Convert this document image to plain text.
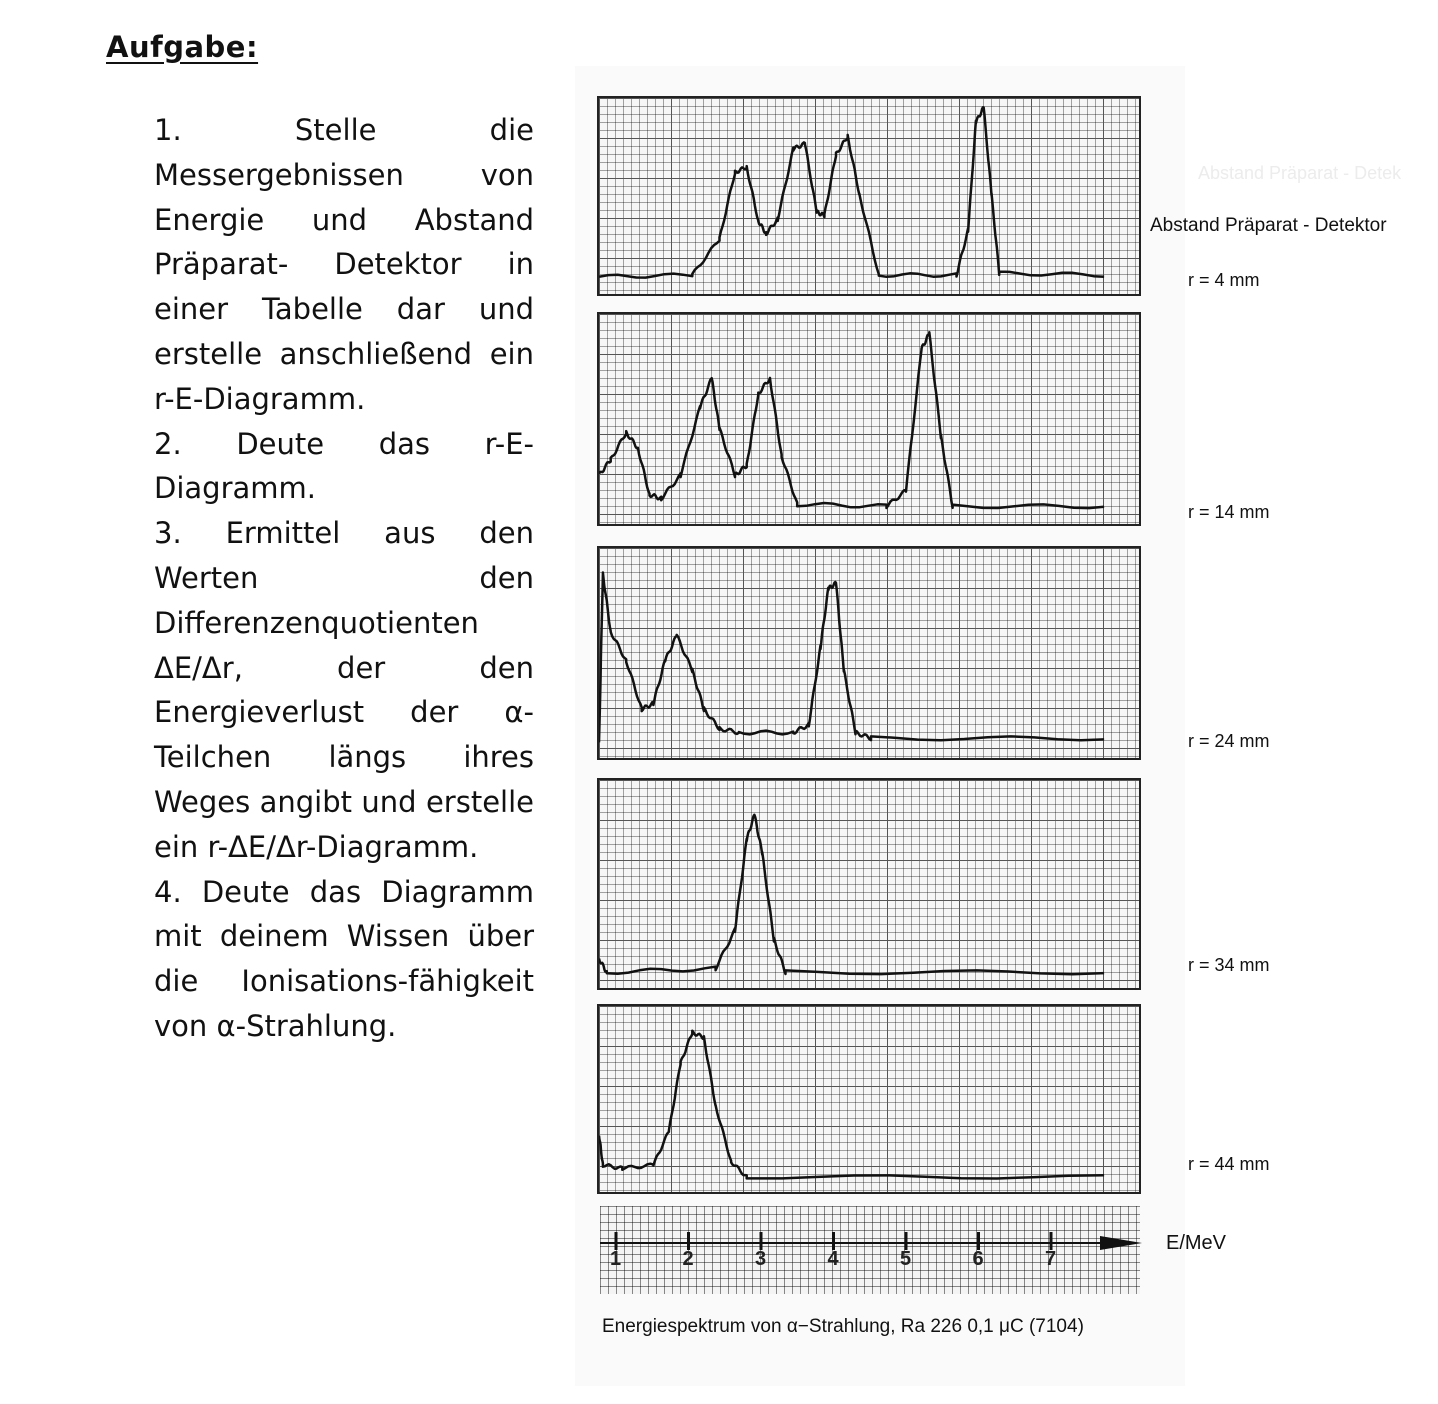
Aufgabe:

1. Stelle die Messergebnissen von Energie und Abstand Präparat- Detektor in einer Tabelle dar und erstelle anschließend ein r-E-Diagramm.

2. Deute das r-E-Diagramm.

3. Ermittel aus den Werten den Differenzenquotienten ΔE/Δr, der den Energieverlust der α-Teilchen längs ihres Weges angibt und erstelle ein r-ΔE/Δr-Diagramm.

4. Deute das Diagramm mit deinem Wissen über die Ionisations-fähigkeit von α-Strahlung.

Abstand Präparat - Detek
Abstand Präparat - Detektor
r = 4 mm
r = 14 mm
r = 24 mm
r = 34 mm
r = 44 mm
1	2	3	4	5	6	7
E/MeV
Energiespektrum von α−Strahlung, Ra 226 0,1 μC (7104)
